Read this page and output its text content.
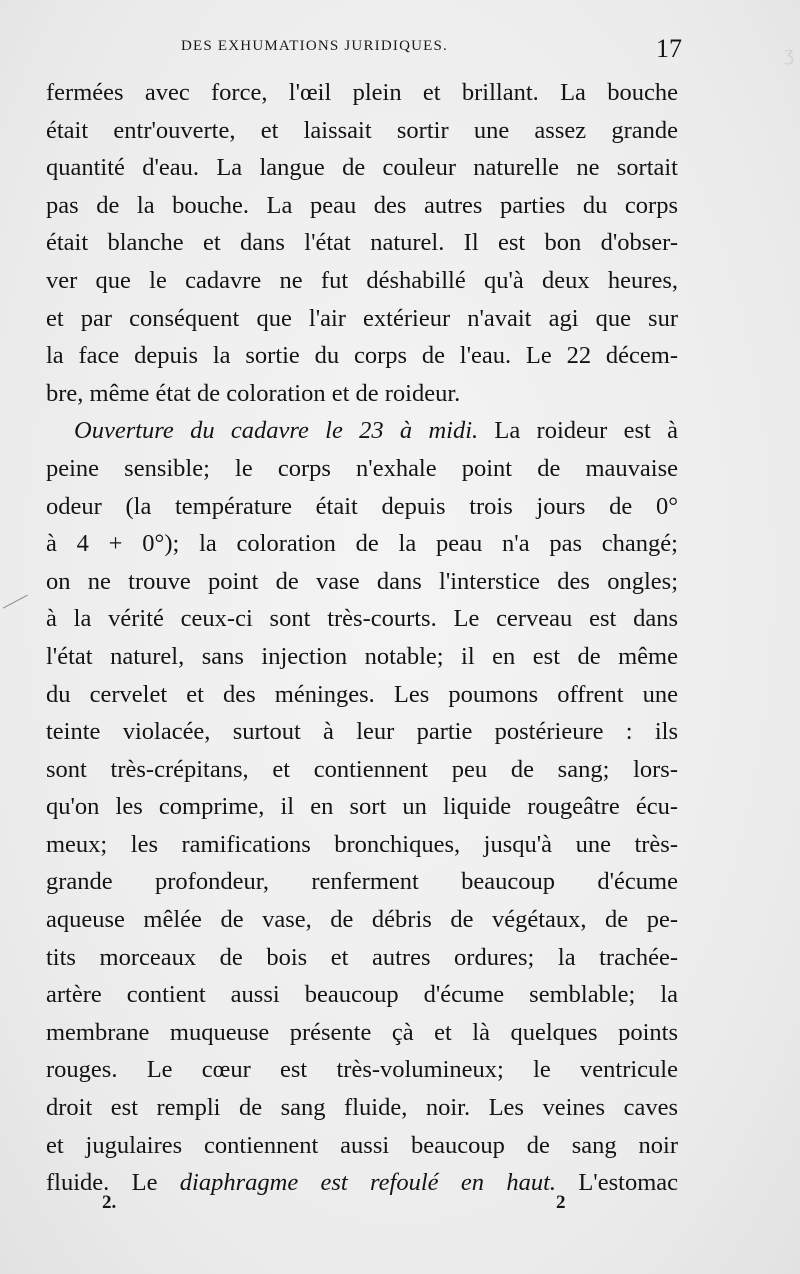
ʒ
DES EXHUMATIONS JURIDIQUES.	17
fermées avec force, l'œil plein et brillant. La bouche
était entr'ouverte, et laissait sortir une assez grande
quantité d'eau. La langue de couleur naturelle ne sortait
pas de la bouche. La peau des autres parties du corps
était blanche et dans l'état naturel. Il est bon d'obser-
ver que le cadavre ne fut déshabillé qu'à deux heures,
et par conséquent que l'air extérieur n'avait agi que sur
la face depuis la sortie du corps de l'eau. Le 22 décem-
bre, même état de coloration et de roideur.
Ouverture du cadavre le 23 à midi. La roideur est à
peine sensible; le corps n'exhale point de mauvaise
odeur (la température était depuis trois jours de 0°
à 4 + 0°); la coloration de la peau n'a pas changé;
on ne trouve point de vase dans l'interstice des ongles;
à la vérité ceux-ci sont très-courts. Le cerveau est dans
l'état naturel, sans injection notable; il en est de même
du cervelet et des méninges. Les poumons offrent une
teinte violacée, surtout à leur partie postérieure : ils
sont très-crépitans, et contiennent peu de sang; lors-
qu'on les comprime, il en sort un liquide rougeâtre écu-
meux; les ramifications bronchiques, jusqu'à une très-
grande profondeur, renferment beaucoup d'écume
aqueuse mêlée de vase, de débris de végétaux, de pe-
tits morceaux de bois et autres ordures; la trachée-
artère contient aussi beaucoup d'écume semblable; la
membrane muqueuse présente çà et là quelques points
rouges. Le cœur est très-volumineux; le ventricule
droit est rempli de sang fluide, noir. Les veines caves
et jugulaires contiennent aussi beaucoup de sang noir
fluide. Le diaphragme est refoulé en haut. L'estomac
2.	2
